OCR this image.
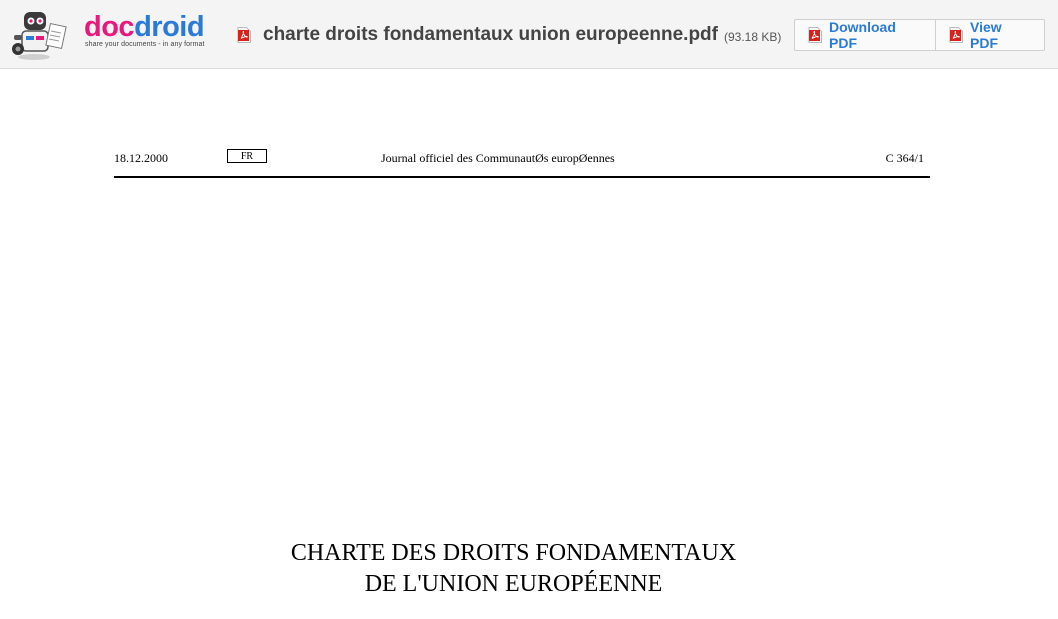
docdroid
share your documents - in any format	charte droits fondamentaux union europeenne.pdf (93.18 KB)
Download PDF
View PDF
18.12.2000	FR	Journal officiel des CommunautØs europØennes	C 364/1
CHARTE DES DROITS FONDAMENTAUX
DE L'UNION EUROPÉENNE
